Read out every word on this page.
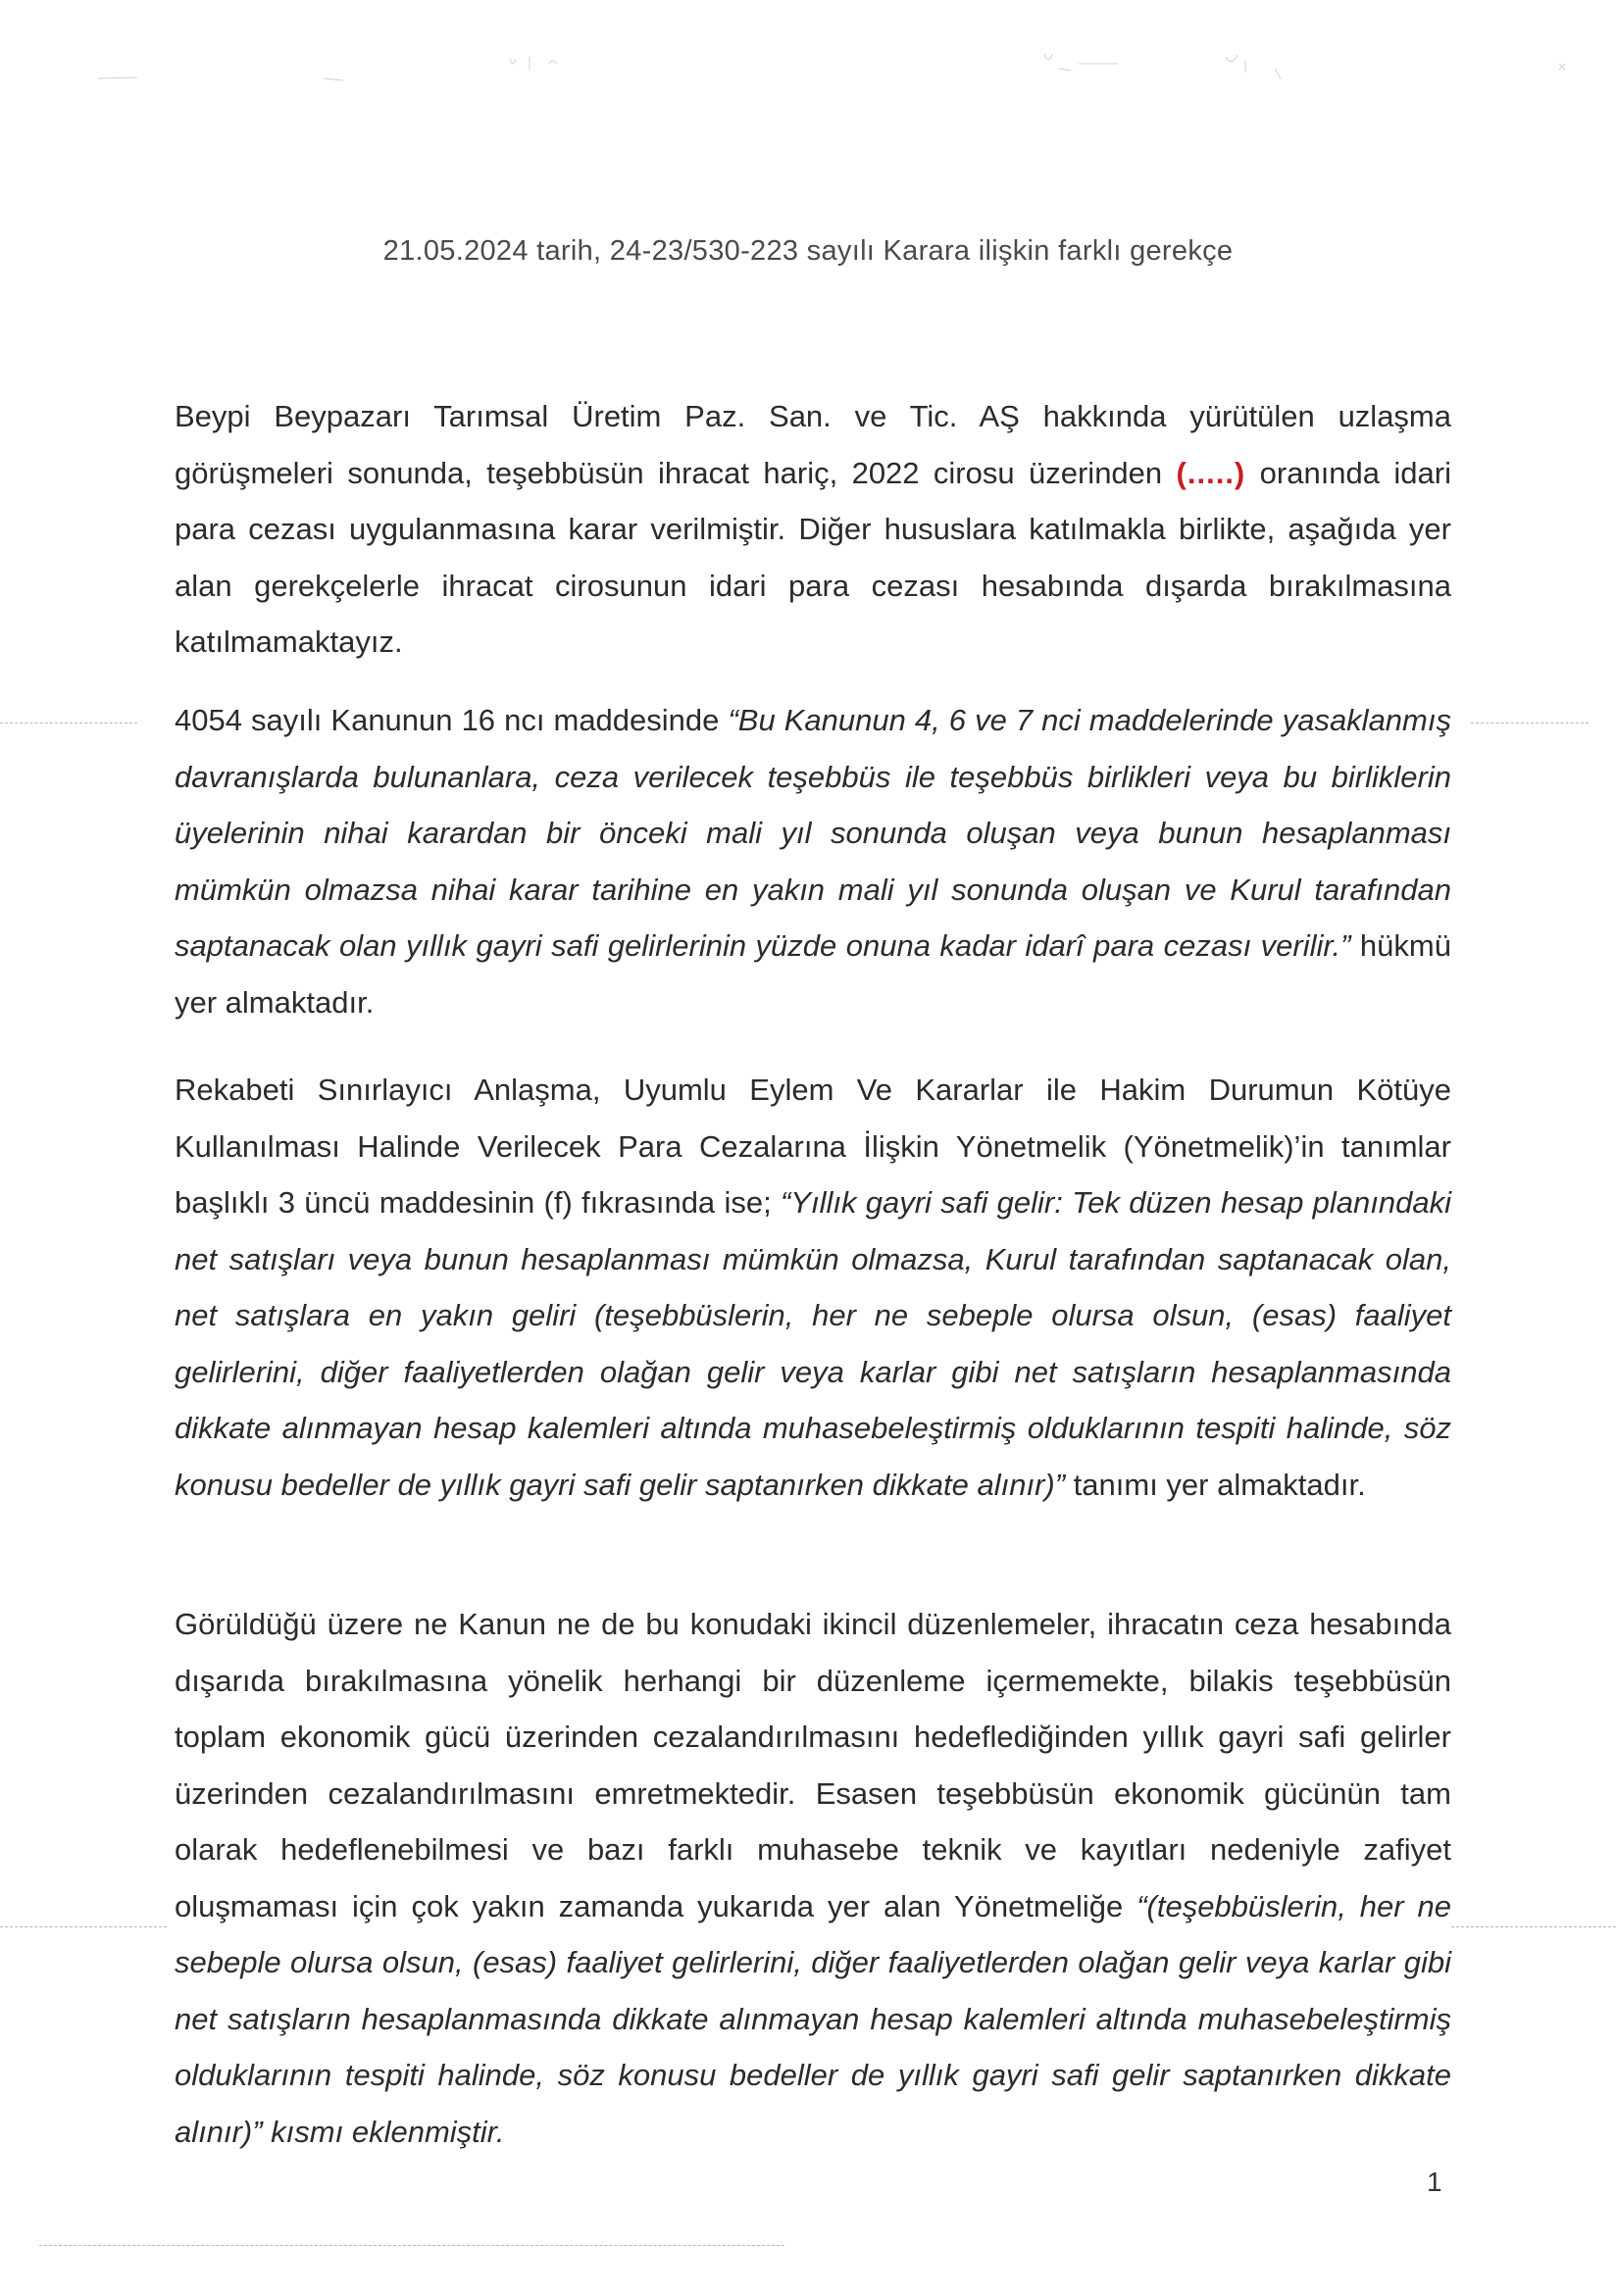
21.05.2024 tarih, 24-23/530-223 sayılı Karara ilişkin farklı gerekçe

Beypi Beypazarı Tarımsal Üretim Paz. San. ve Tic. AŞ hakkında yürütülen uzlaşma görüşmeleri sonunda, teşebbüsün ihracat hariç, 2022 cirosu üzerinden (.....) oranında idari para cezası uygulanmasına karar verilmiştir. Diğer hususlara katılmakla birlikte, aşağıda yer alan gerekçelerle ihracat cirosunun idari para cezası hesabında dışarda bırakılmasına katılmamaktayız.

4054 sayılı Kanunun 16 ncı maddesinde “Bu Kanunun 4, 6 ve 7 nci maddelerinde yasaklanmış davranışlarda bulunanlara, ceza verilecek teşebbüs ile teşebbüs birlikleri veya bu birliklerin üyelerinin nihai karardan bir önceki mali yıl sonunda oluşan veya bunun hesaplanması mümkün olmazsa nihai karar tarihine en yakın mali yıl sonunda oluşan ve Kurul tarafından saptanacak olan yıllık gayri safi gelirlerinin yüzde onuna kadar idarî para cezası verilir.” hükmü yer almaktadır.

Rekabeti Sınırlayıcı Anlaşma, Uyumlu Eylem Ve Kararlar ile Hakim Durumun Kötüye Kullanılması Halinde Verilecek Para Cezalarına İlişkin Yönetmelik (Yönetmelik)’in tanımlar başlıklı 3 üncü maddesinin (f) fıkrasında ise; “Yıllık gayri safi gelir: Tek düzen hesap planındaki net satışları veya bunun hesaplanması mümkün olmazsa, Kurul tarafından saptanacak olan, net satışlara en yakın geliri (teşebbüslerin, her ne sebeple olursa olsun, (esas) faaliyet gelirlerini, diğer faaliyetlerden olağan gelir veya karlar gibi net satışların hesaplanmasında dikkate alınmayan hesap kalemleri altında muhasebeleştirmiş olduklarının tespiti halinde, söz konusu bedeller de yıllık gayri safi gelir saptanırken dikkate alınır)” tanımı yer almaktadır.

Görüldüğü üzere ne Kanun ne de bu konudaki ikincil düzenlemeler, ihracatın ceza hesabında dışarıda bırakılmasına yönelik herhangi bir düzenleme içermemekte, bilakis teşebbüsün toplam ekonomik gücü üzerinden cezalandırılmasını hedeflediğinden yıllık gayri safi gelirler üzerinden cezalandırılmasını emretmektedir. Esasen teşebbüsün ekonomik gücünün tam olarak hedeflenebilmesi ve bazı farklı muhasebe teknik ve kayıtları nedeniyle zafiyet oluşmaması için çok yakın zamanda yukarıda yer alan Yönetmeliğe “(teşebbüslerin, her ne sebeple olursa olsun, (esas) faaliyet gelirlerini, diğer faaliyetlerden olağan gelir veya karlar gibi net satışların hesaplanmasında dikkate alınmayan hesap kalemleri altında muhasebeleştirmiş olduklarının tespiti halinde, söz konusu bedeller de yıllık gayri safi gelir saptanırken dikkate alınır)” kısmı eklenmiştir.

1
